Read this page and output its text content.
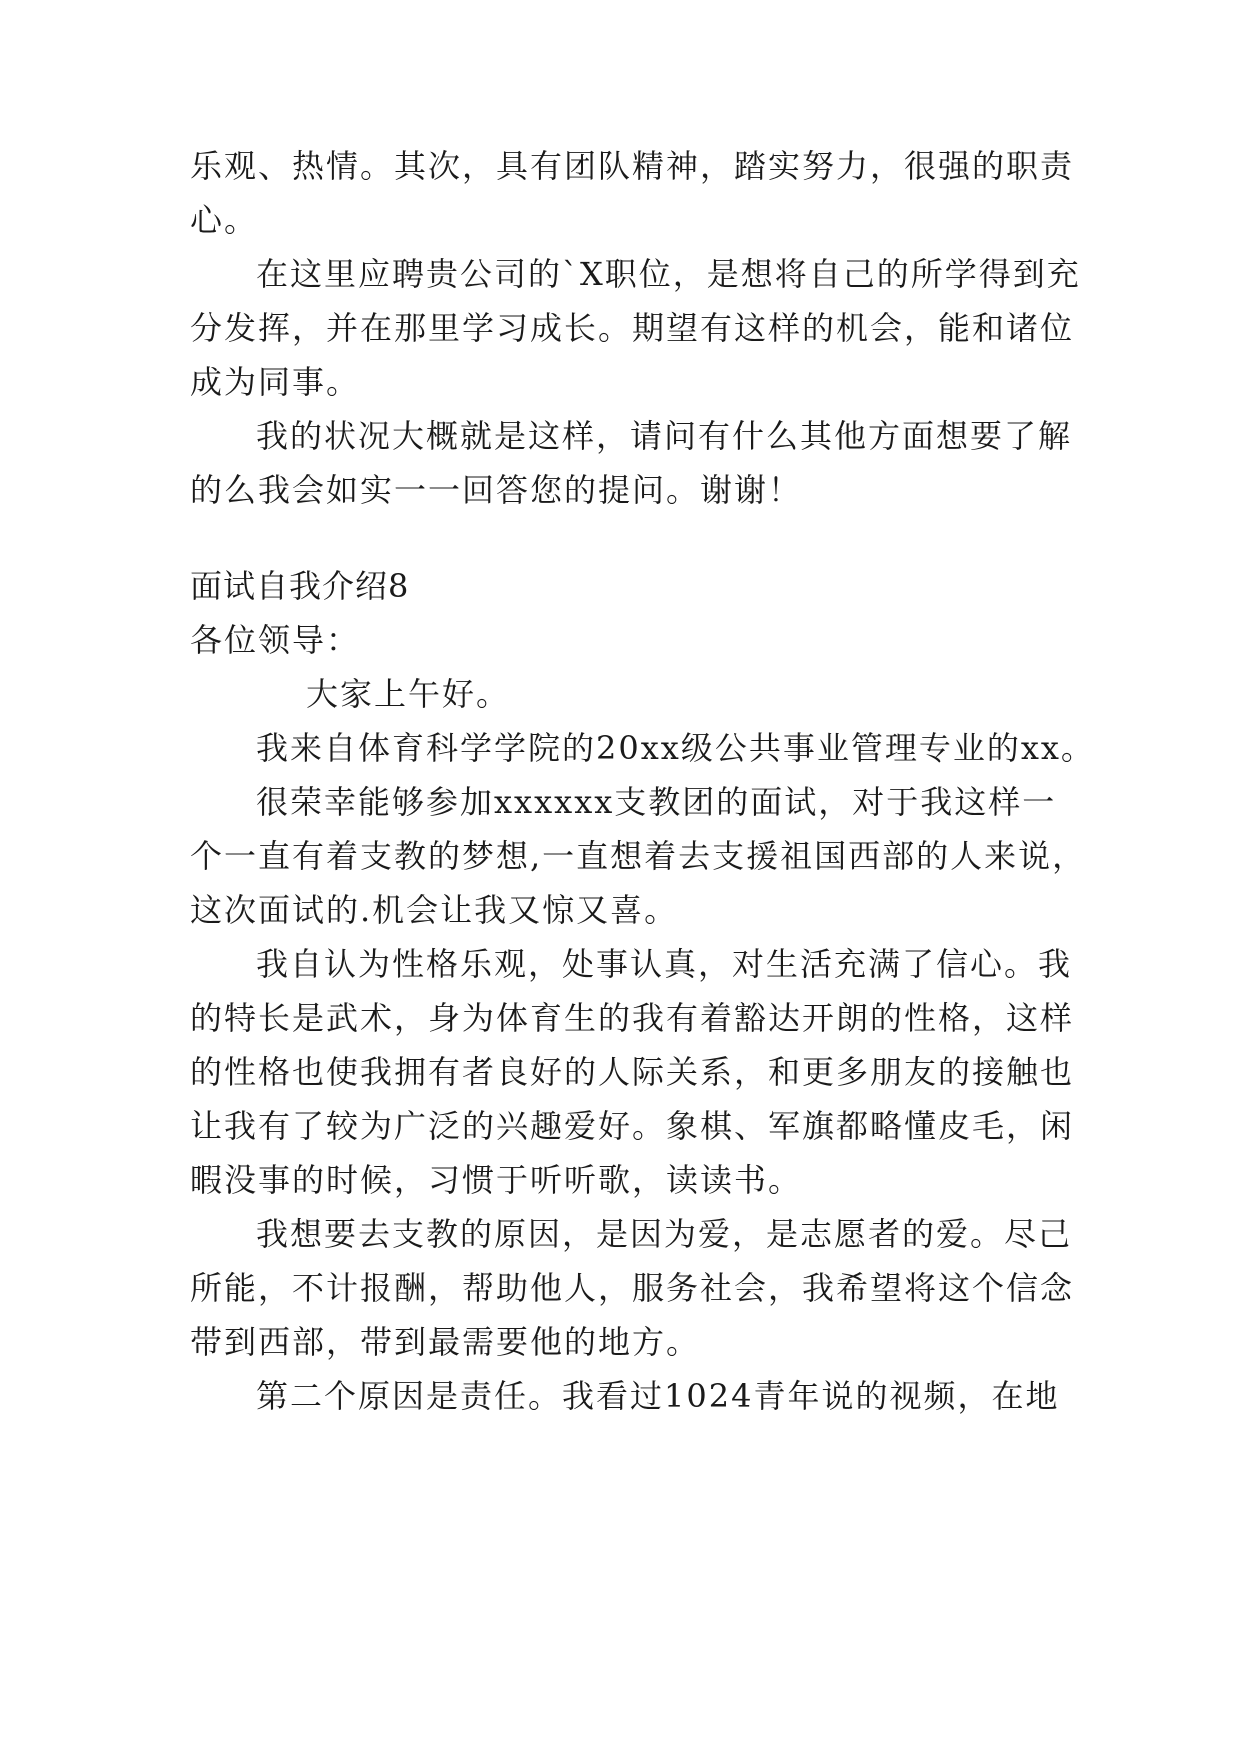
乐观、热情。其次，具有团队精神，踏实努力，很强的职责
心。
在这里应聘贵公司的`X职位，是想将自己的所学得到充
分发挥，并在那里学习成长。期望有这样的机会，能和诸位
成为同事。
我的状况大概就是这样，请问有什么其他方面想要了解
的么我会如实一一回答您的提问。谢谢！
面试自我介绍8
各位领导：
大家上午好。
我来自体育科学学院的20xx级公共事业管理专业的xx。
很荣幸能够参加xxxxxx支教团的面试，对于我这样一
个一直有着支教的梦想,一直想着去支援祖国西部的人来说，
这次面试的.机会让我又惊又喜。
我自认为性格乐观，处事认真，对生活充满了信心。我
的特长是武术，身为体育生的我有着豁达开朗的性格，这样
的性格也使我拥有者良好的人际关系，和更多朋友的接触也
让我有了较为广泛的兴趣爱好。象棋、军旗都略懂皮毛，闲
暇没事的时候，习惯于听听歌，读读书。
我想要去支教的原因，是因为爱，是志愿者的爱。尽己
所能，不计报酬，帮助他人，服务社会，我希望将这个信念
带到西部，带到最需要他的地方。
第二个原因是责任。我看过1024青年说的视频，在地
